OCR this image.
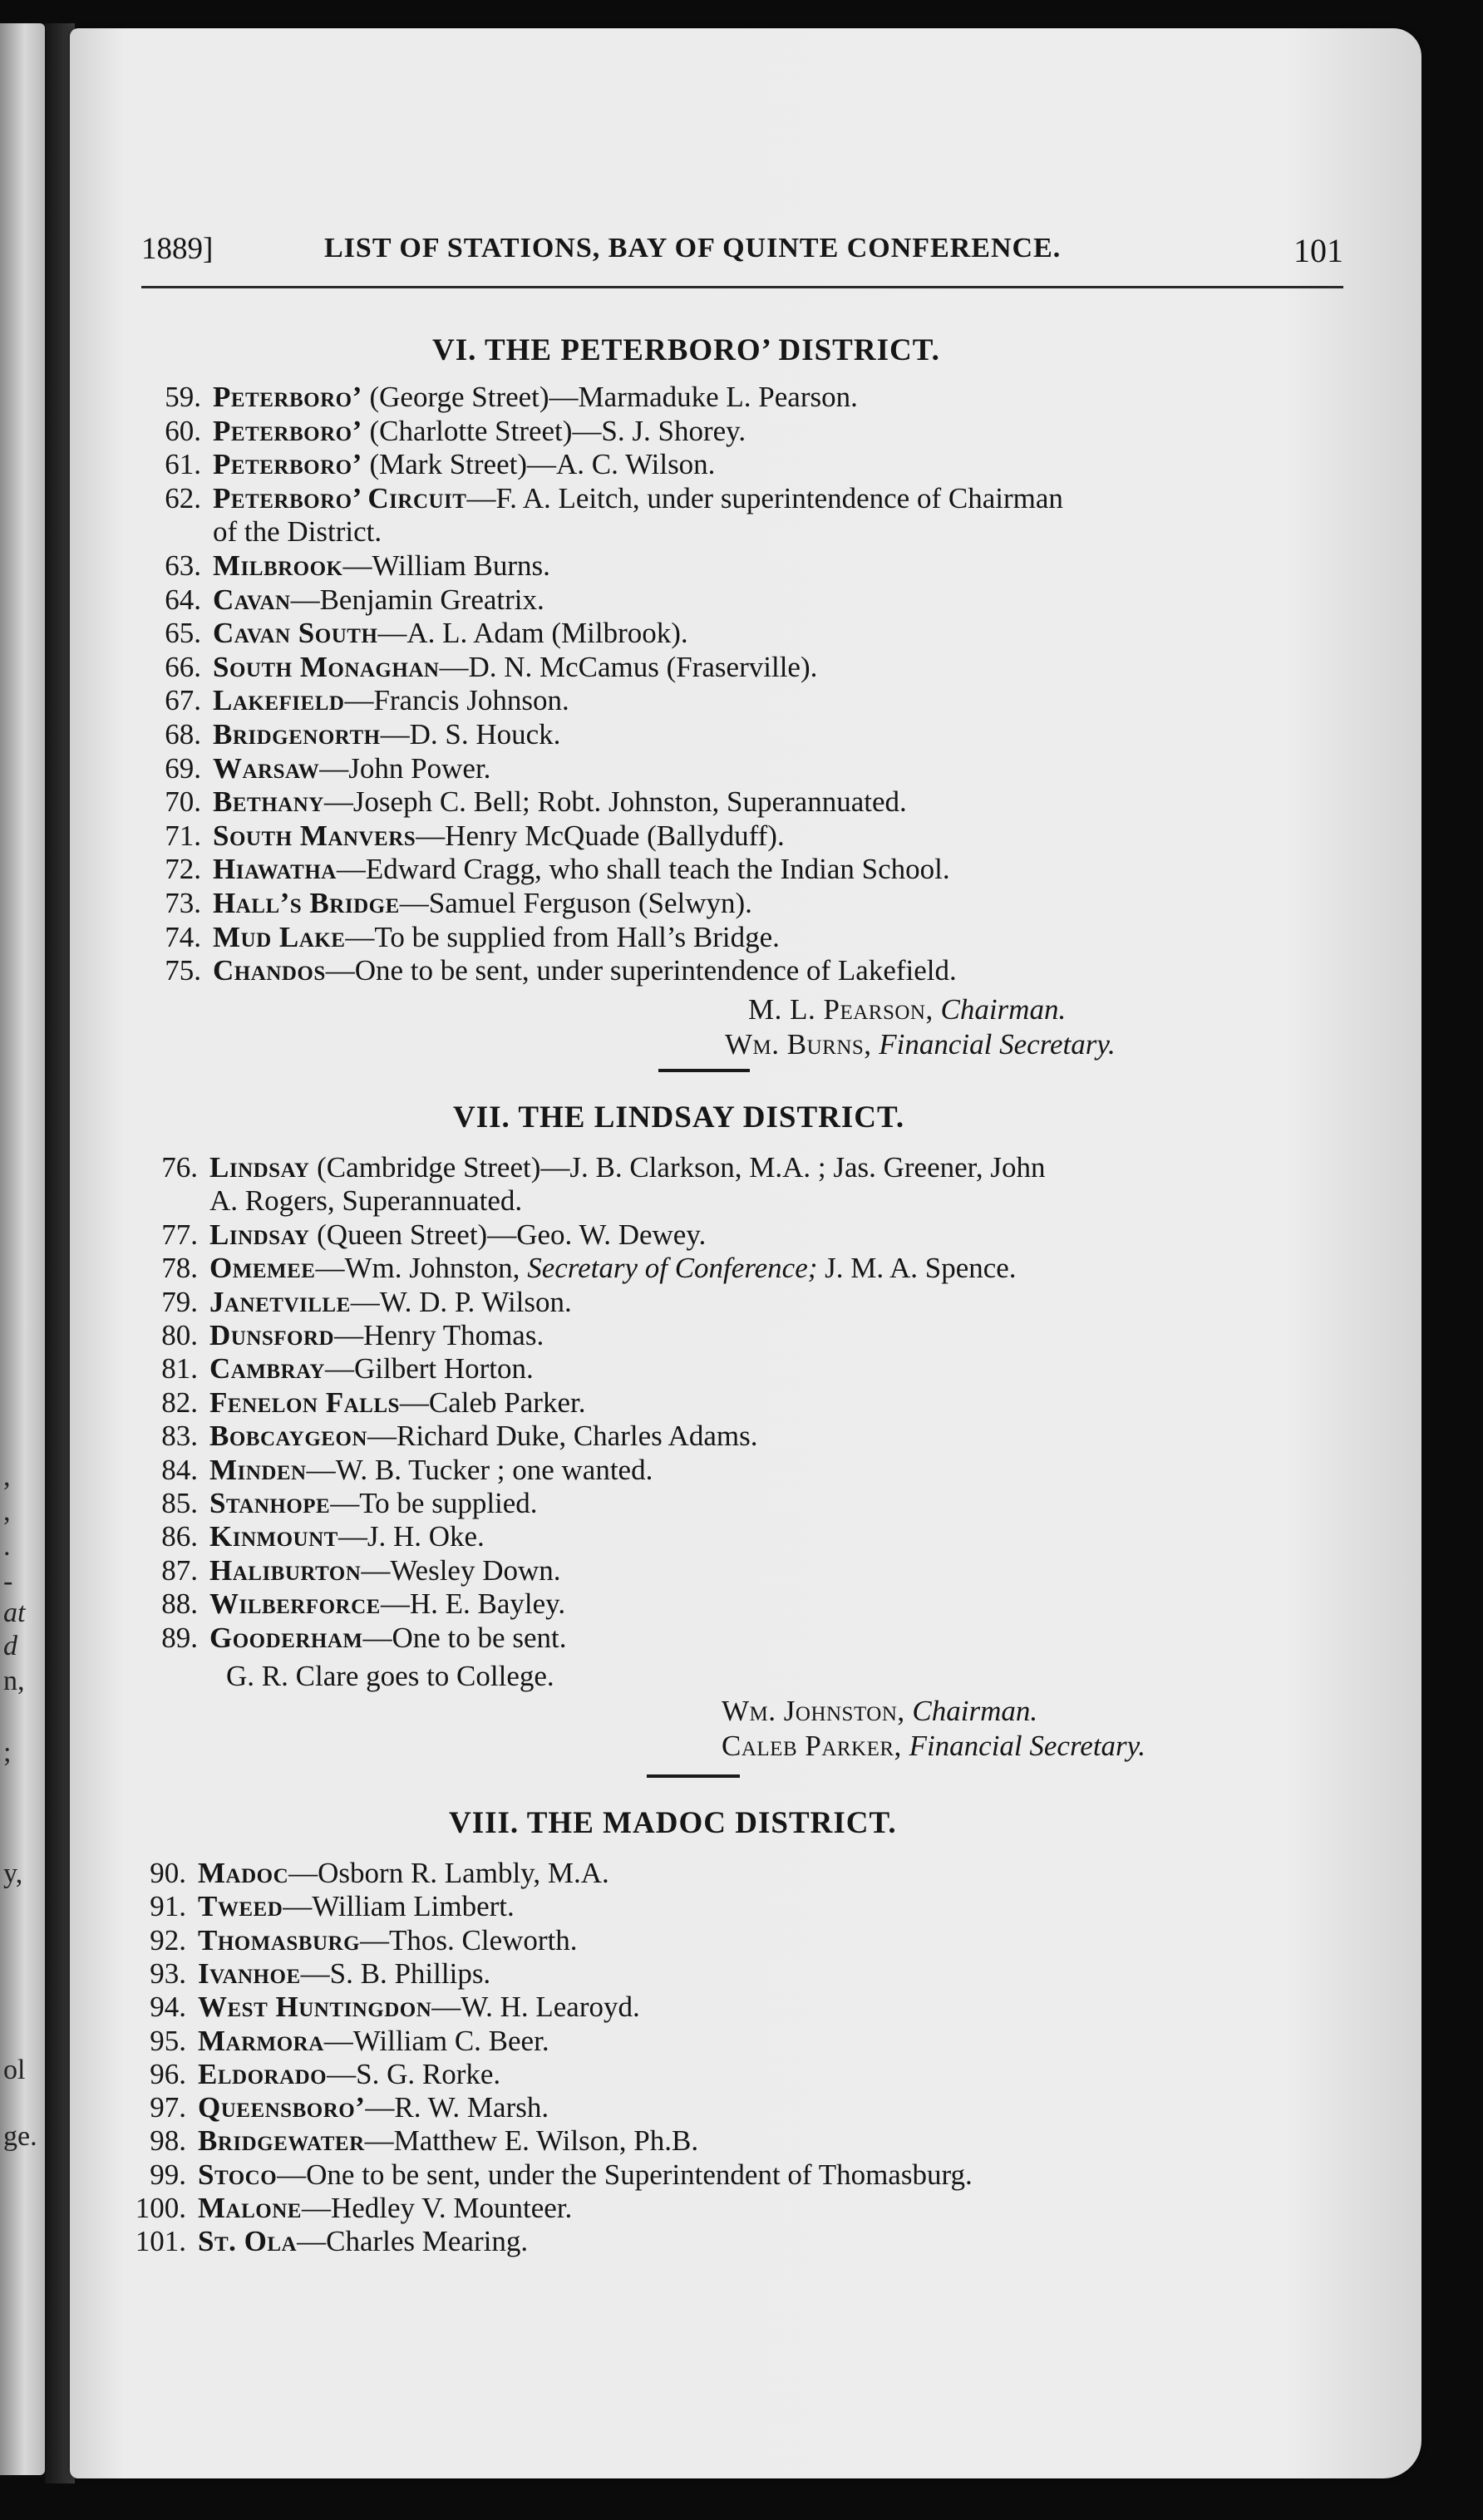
,
,
.
-
at
d
n,
;
y,
ol
ge.
1889]	LIST OF STATIONS, BAY OF QUINTE CONFERENCE.	101
VI. THE PETERBORO’ DISTRICT.
59. Peterboro’ (George Street)—Marmaduke L. Pearson.
60. Peterboro’ (Charlotte Street)—S. J. Shorey.
61. Peterboro’ (Mark Street)—A. C. Wilson.
62. Peterboro’ Circuit—F. A. Leitch, under superintendence of Chairman
of the District.
63. Milbrook—William Burns.
64. Cavan—Benjamin Greatrix.
65. Cavan South—A. L. Adam (Milbrook).
66. South Monaghan—D. N. McCamus (Fraserville).
67. Lakefield—Francis Johnson.
68. Bridgenorth—D. S. Houck.
69. Warsaw—John Power.
70. Bethany—Joseph C. Bell; Robt. Johnston, Superannuated.
71. South Manvers—Henry McQuade (Ballyduff).
72. Hiawatha—Edward Cragg, who shall teach the Indian School.
73. Hall’s Bridge—Samuel Ferguson (Selwyn).
74. Mud Lake—To be supplied from Hall’s Bridge.
75. Chandos—One to be sent, under superintendence of Lakefield.
M. L. Pearson, Chairman.
Wm. Burns, Financial Secretary.
VII. THE LINDSAY DISTRICT.
76. Lindsay (Cambridge Street)—J. B. Clarkson, M.A. ; Jas. Greener, John
A. Rogers, Superannuated.
77. Lindsay (Queen Street)—Geo. W. Dewey.
78. Omemee—Wm. Johnston, Secretary of Conference; J. M. A. Spence.
79. Janetville—W. D. P. Wilson.
80. Dunsford—Henry Thomas.
81. Cambray—Gilbert Horton.
82. Fenelon Falls—Caleb Parker.
83. Bobcaygeon—Richard Duke, Charles Adams.
84. Minden—W. B. Tucker ; one wanted.
85. Stanhope—To be supplied.
86. Kinmount—J. H. Oke.
87. Haliburton—Wesley Down.
88. Wilberforce—H. E. Bayley.
89. Gooderham—One to be sent.
G. R. Clare goes to College.
Wm. Johnston, Chairman.
Caleb Parker, Financial Secretary.
VIII. THE MADOC DISTRICT.
90. Madoc—Osborn R. Lambly, M.A.
91. Tweed—William Limbert.
92. Thomasburg—Thos. Cleworth.
93. Ivanhoe—S. B. Phillips.
94. West Huntingdon—W. H. Learoyd.
95. Marmora—William C. Beer.
96. Eldorado—S. G. Rorke.
97. Queensboro’—R. W. Marsh.
98. Bridgewater—Matthew E. Wilson, Ph.B.
99. Stoco—One to be sent, under the Superintendent of Thomasburg.
100. Malone—Hedley V. Mounteer.
101. St. Ola—Charles Mearing.
